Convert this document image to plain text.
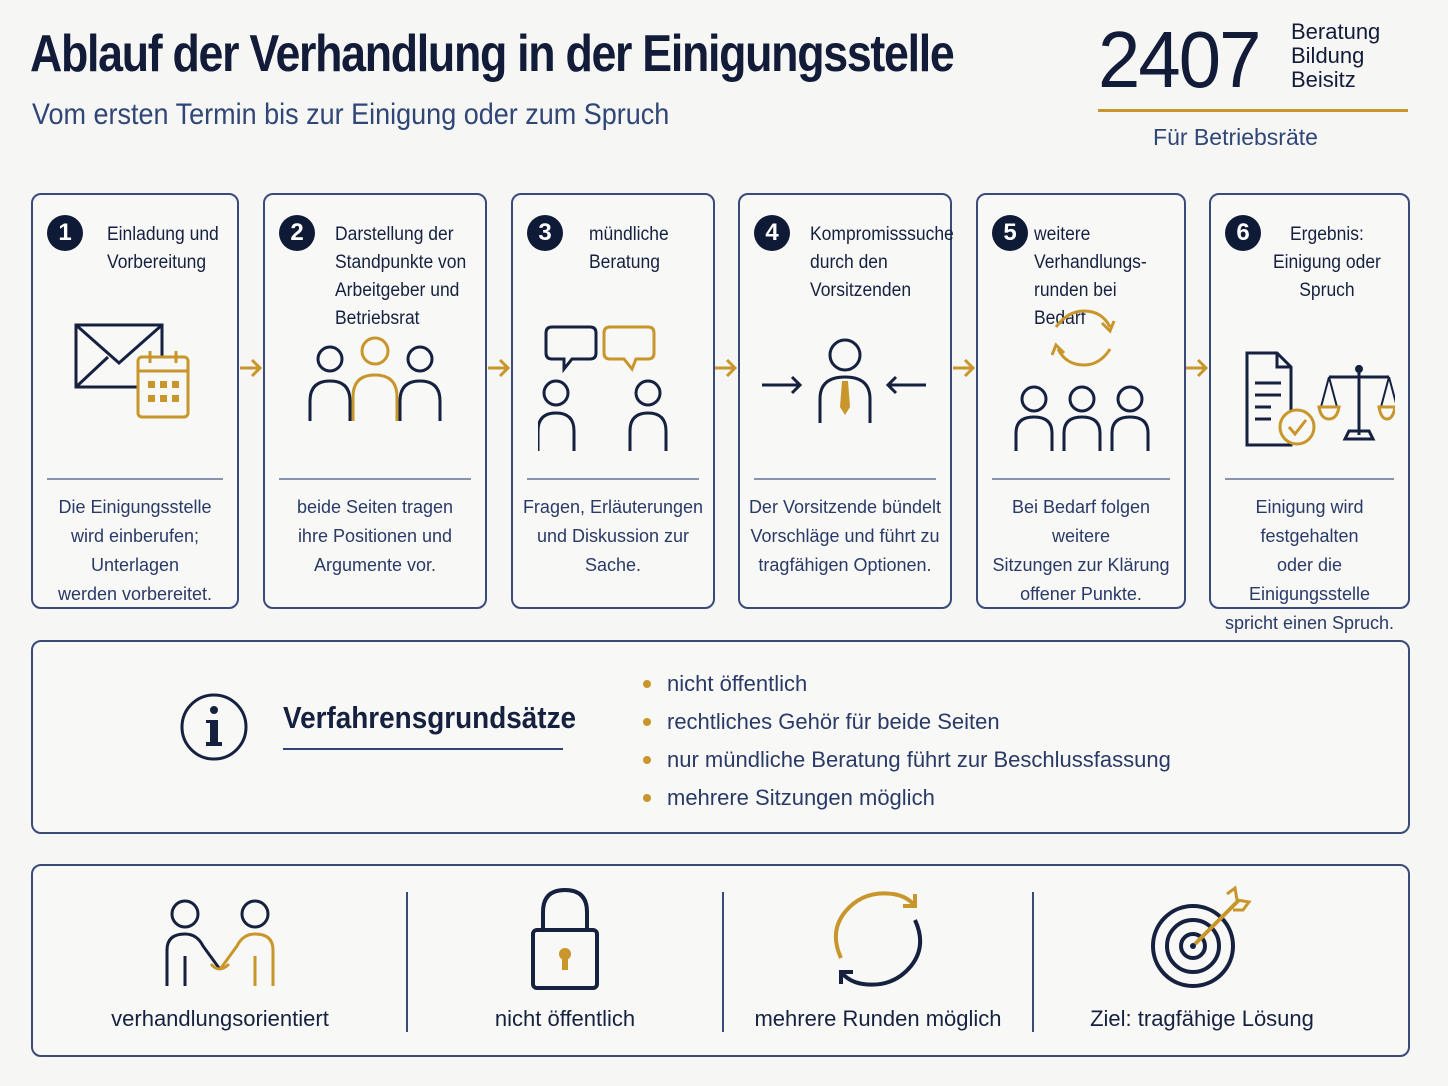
Ablauf der Verhandlung in der Einigungsstelle
Vom ersten Termin bis zur Einigung oder zum Spruch
2407 Beratung
Bildung
Beisitz
Für Betriebsräte
1	Einladung und
Vorbereitung
Die Einigungsstelle
wird einberufen; Unterlagen
werden vorbereitet.
2	Darstellung der
Standpunkte von
Arbeitgeber und
Betriebsrat
beide Seiten tragen
ihre Positionen und
Argumente vor.
3	mündliche
Beratung
Fragen, Erläuterungen
und Diskussion zur
Sache.
4	Kompromisssuche
durch den
Vorsitzenden
Der Vorsitzende bündelt
Vorschläge und führt zu
tragfähigen Optionen.
5 weitere Verhandlungs-
runden bei Bedarf
Bei Bedarf folgen weitere
Sitzungen zur Klärung
offener Punkte.
6	Ergebnis:
Einigung oder
Spruch
Einigung wird festgehalten
oder die Einigungsstelle
spricht einen Spruch.
Verfahrensgrundsätze
nicht öffentlich
rechtliches Gehör für beide Seiten
nur mündliche Beratung führt zur Beschlussfassung
mehrere Sitzungen möglich
verhandlungsorientiert	nicht öffentlich	mehrere Runden möglich	Ziel: tragfähige Lösung
